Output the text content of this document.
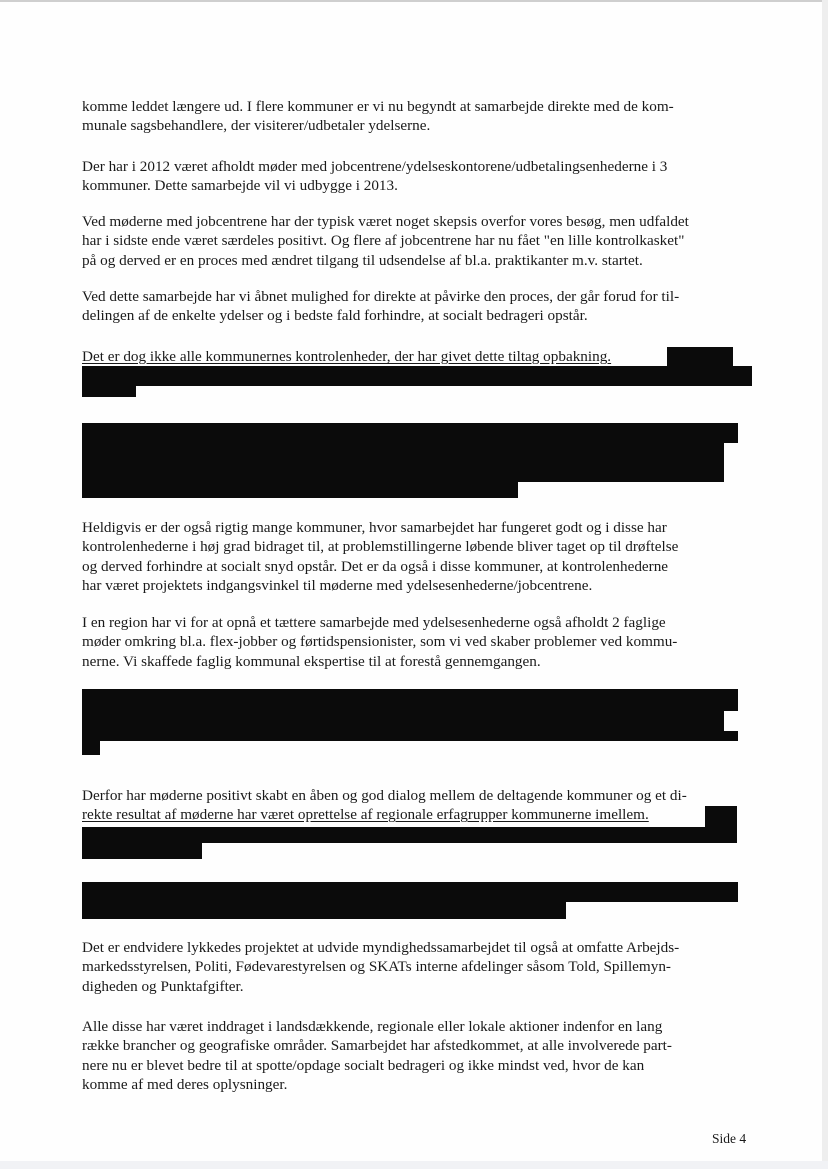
komme leddet længere ud. I flere kommuner er vi nu begyndt at samarbejde direkte med de kom-
munale sagsbehandlere, der visiterer/udbetaler ydelserne.

Der har i 2012 været afholdt møder med jobcentrene/ydelseskontorene/udbetalingsenhederne i 3
kommuner. Dette samarbejde vil vi udbygge i 2013.

Ved møderne med jobcentrene har der typisk været noget skepsis overfor vores besøg, men udfaldet
har i sidste ende været særdeles positivt. Og flere af jobcentrene har nu fået "en lille kontrolkasket"
på og derved er en proces med ændret tilgang til udsendelse af bl.a. praktikanter m.v. startet.

Ved dette samarbejde har vi åbnet mulighed for direkte at påvirke den proces, der går forud for til-
delingen af de enkelte ydelser og i bedste fald forhindre, at socialt bedrageri opstår.

Det er dog ikke alle kommunernes kontrolenheder, der har givet dette tiltag opbakning.

Heldigvis er der også rigtig mange kommuner, hvor samarbejdet har fungeret godt og i disse har
kontrolenhederne i høj grad bidraget til, at problemstillingerne løbende bliver taget op til drøftelse
og derved forhindre at socialt snyd opstår. Det er da også i disse kommuner, at kontrolenhederne
har været projektets indgangsvinkel til møderne med ydelsesenhederne/jobcentrene.

I en region har vi for at opnå et tættere samarbejde med ydelsesenhederne også afholdt 2 faglige
møder omkring bl.a. flex-jobber og førtidspensionister, som vi ved skaber problemer ved kommu-
nerne. Vi skaffede faglig kommunal ekspertise til at forestå gennemgangen.

Derfor har møderne positivt skabt en åben og god dialog mellem de deltagende kommuner og et di-
rekte resultat af møderne har været oprettelse af regionale erfagrupper kommunerne imellem.

Det er endvidere lykkedes projektet at udvide myndighedssamarbejdet til også at omfatte Arbejds-
markedsstyrelsen, Politi, Fødevarestyrelsen og SKATs interne afdelinger såsom Told, Spillemyn-
digheden og Punktafgifter.

Alle disse har været inddraget i landsdækkende, regionale eller lokale aktioner indenfor en lang
række brancher og geografiske områder. Samarbejdet har afstedkommet, at alle involverede part-
nere nu er blevet bedre til at spotte/opdage socialt bedrageri og ikke mindst ved, hvor de kan
komme af med deres oplysninger.

Side 4
